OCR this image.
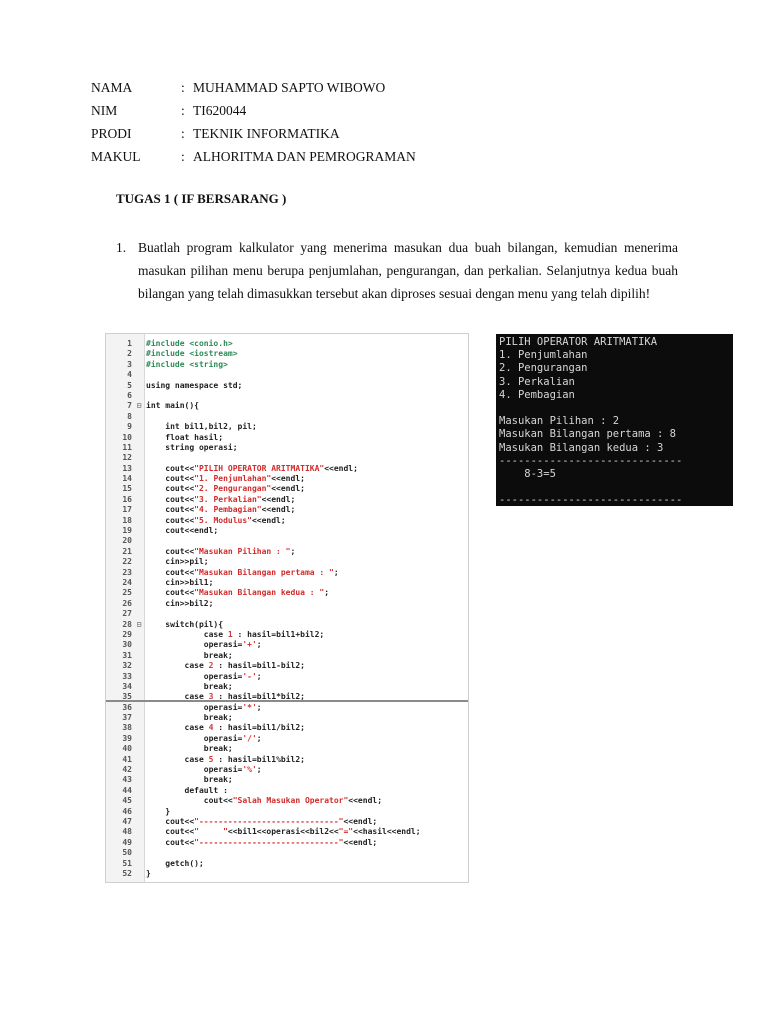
NAMA	: MUHAMMAD SAPTO WIBOWO
NIM	: TI620044
PRODI	: TEKNIK INFORMATIKA
MAKUL	: ALHORITMA DAN PEMROGRAMAN
TUGAS 1 ( IF BERSARANG )
1. Buatlah program kalkulator yang menerima masukan dua buah bilangan, kemudian menerima masukan pilihan menu berupa penjumlahan, pengurangan, dan perkalian. Selanjutnya kedua buah bilangan yang telah dimasukkan tersebut akan diproses sesuai dengan menu yang telah dipilih!
1 #include <conio.h>
2 #include <iostream>
3 #include <string>
4
5 using namespace std;
6
7 ⊟ int main(){
8
9    int bil1,bil2, pil;
10    float hasil;
11    string operasi;
12
13    cout<<"PILIH OPERATOR ARITMATIKA"<<endl;
14    cout<<"1. Penjumlahan"<<endl;
15    cout<<"2. Pengurangan"<<endl;
16    cout<<"3. Perkalian"<<endl;
17    cout<<"4. Pembagian"<<endl;
18    cout<<"5. Modulus"<<endl;
19    cout<<endl;
20
21    cout<<"Masukan Pilihan : ";
22    cin>>pil;
23    cout<<"Masukan Bilangan pertama : ";
24    cin>>bil1;
25    cout<<"Masukan Bilangan kedua : ";
26    cin>>bil2;
27
28 ⊟    switch(pil){
29            case 1 : hasil=bil1+bil2;
30            operasi='+';
31            break;
32        case 2 : hasil=bil1-bil2;
33            operasi='-';
34            break;
35        case 3 : hasil=bil1*bil2;
36            operasi='*';
37            break;
38        case 4 : hasil=bil1/bil2;
39            operasi='/';
40            break;
41        case 5 : hasil=bil1%bil2;
42            operasi='%';
43            break;
44        default :
45            cout<<"Salah Masukan Operator"<<endl;
46    }
47    cout<<"-----------------------------"<<endl;
48    cout<<"     "<<bil1<<operasi<<bil2<<"="<<hasil<<endl;
49    cout<<"-----------------------------"<<endl;
50
51    getch();
52 }
PILIH OPERATOR ARITMATIKA
1. Penjumlahan
2. Pengurangan
3. Perkalian
4. Pembagian
Masukan Pilihan : 2
Masukan Bilangan pertama : 8
Masukan Bilangan kedua : 3
-----------------------------
8-3=5
-----------------------------
